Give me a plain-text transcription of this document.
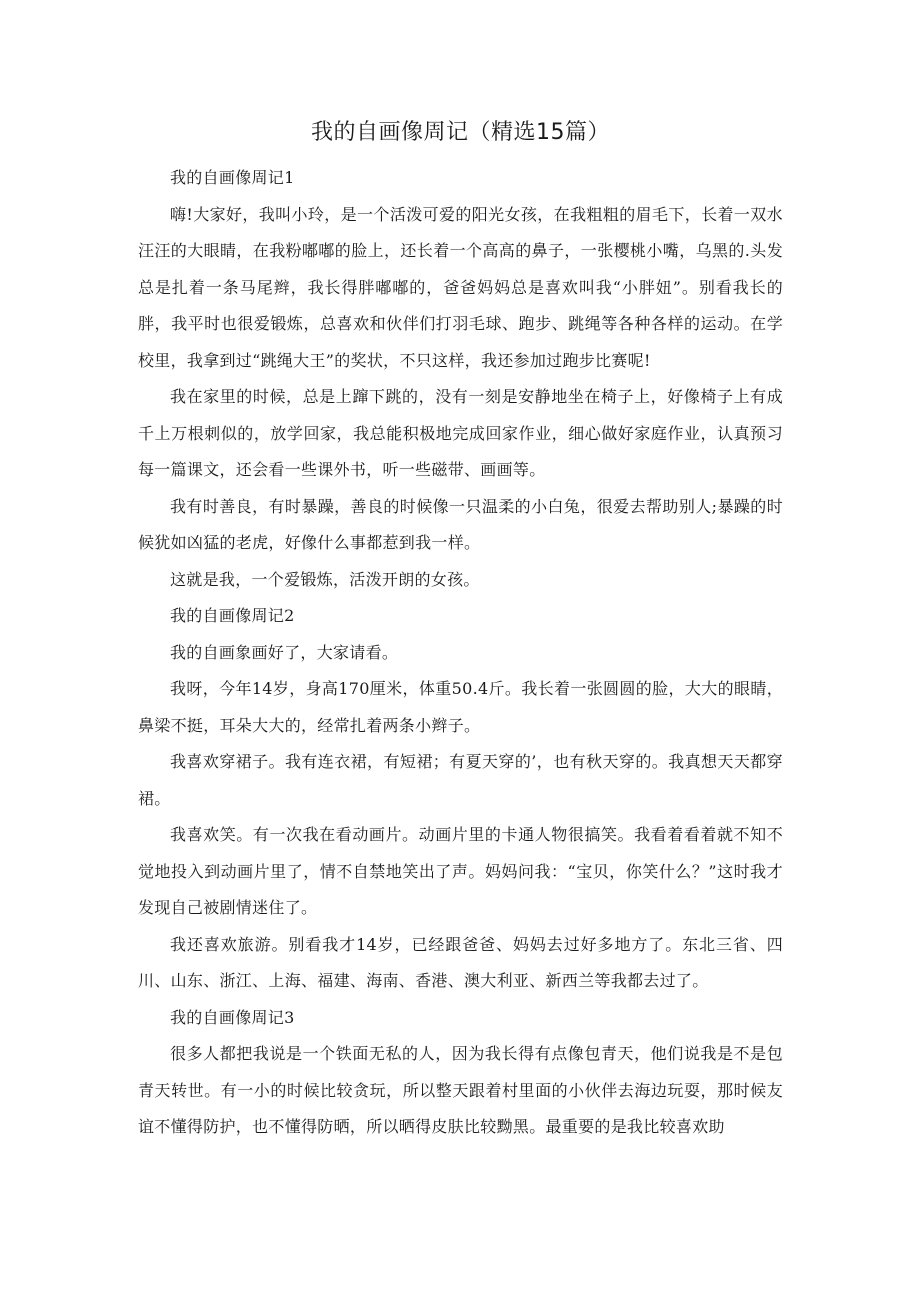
我的自画像周记（精选15篇）

我的自画像周记1

嗨!大家好，我叫小玲，是一个活泼可爱的阳光女孩，在我粗粗的眉毛下，长着一双水汪汪的大眼睛，在我粉嘟嘟的脸上，还长着一个高高的鼻子，一张樱桃小嘴，乌黑的.头发总是扎着一条马尾辫，我长得胖嘟嘟的，爸爸妈妈总是喜欢叫我“小胖妞”。别看我长的胖，我平时也很爱锻炼，总喜欢和伙伴们打羽毛球、跑步、跳绳等各种各样的运动。在学校里，我拿到过“跳绳大王”的奖状，不只这样，我还参加过跑步比赛呢!

我在家里的时候，总是上蹿下跳的，没有一刻是安静地坐在椅子上，好像椅子上有成千上万根刺似的，放学回家，我总能积极地完成回家作业，细心做好家庭作业，认真预习每一篇课文，还会看一些课外书，听一些磁带、画画等。

我有时善良，有时暴躁，善良的时候像一只温柔的小白兔，很爱去帮助别人;暴躁的时候犹如凶猛的老虎，好像什么事都惹到我一样。

这就是我，一个爱锻炼，活泼开朗的女孩。

我的自画像周记2

我的自画象画好了，大家请看。

我呀，今年14岁，身高170厘米，体重50.4斤。我长着一张圆圆的脸，大大的眼睛，鼻梁不挺，耳朵大大的，经常扎着两条小辫子。

我喜欢穿裙子。我有连衣裙，有短裙；有夏天穿的’，也有秋天穿的。我真想天天都穿裙。

我喜欢笑。有一次我在看动画片。动画片里的卡通人物很搞笑。我看着看着就不知不觉地投入到动画片里了，情不自禁地笑出了声。妈妈问我：“宝贝，你笑什么？”这时我才发现自己被剧情迷住了。

我还喜欢旅游。别看我才14岁，已经跟爸爸、妈妈去过好多地方了。东北三省、四川、山东、浙江、上海、福建、海南、香港、澳大利亚、新西兰等我都去过了。

我的自画像周记3

很多人都把我说是一个铁面无私的人，因为我长得有点像包青天，他们说我是不是包青天转世。有一小的时候比较贪玩，所以整天跟着村里面的小伙伴去海边玩耍，那时候友谊不懂得防护，也不懂得防晒，所以晒得皮肤比较黝黑。最重要的是我比较喜欢助
